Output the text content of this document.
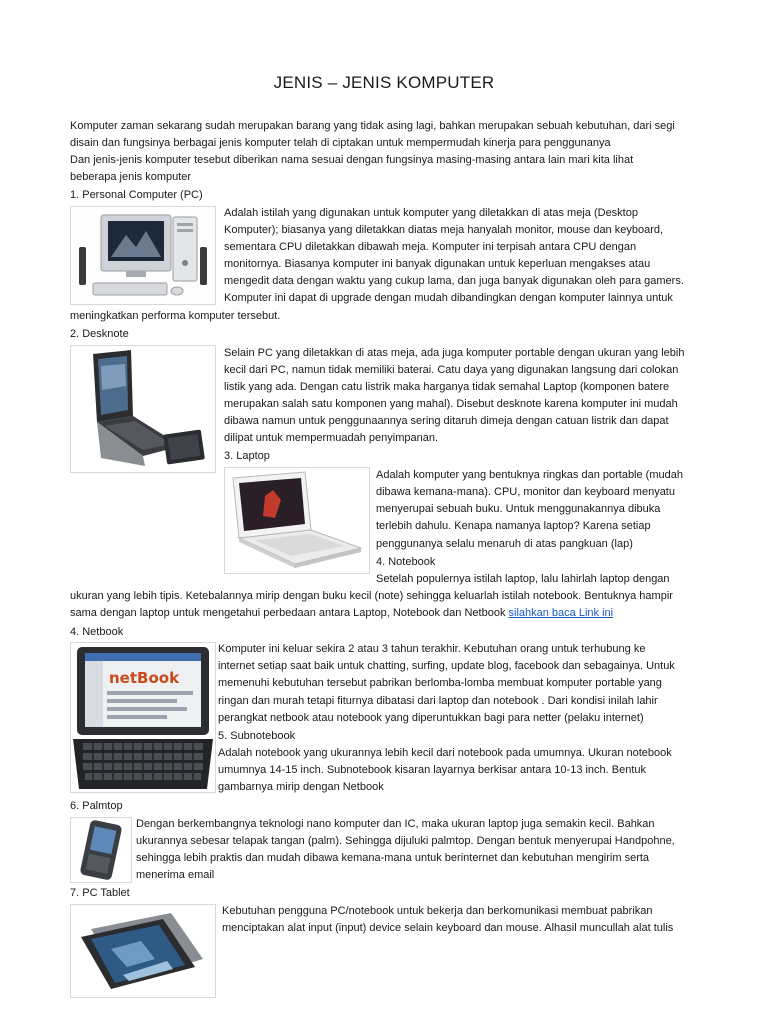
JENIS – JENIS KOMPUTER
Komputer zaman sekarang sudah merupakan barang yang tidak asing lagi, bahkan merupakan sebuah kebutuhan, dari segi
disain dan fungsinya berbagai jenis komputer telah di ciptakan untuk mempermudah kinerja para penggunanya
Dan jenis-jenis komputer tesebut diberikan nama sesuai dengan fungsinya masing-masing antara lain mari kita lihat
beberapa jenis komputer
1. Personal Computer (PC)
Adalah istilah yang digunakan untuk komputer yang diletakkan di atas meja (Desktop
Komputer); biasanya yang diletakkan diatas meja hanyalah monitor, mouse dan keyboard,
sementara CPU diletakkan dibawah meja. Komputer ini terpisah antara CPU dengan
monitornya. Biasanya komputer ini banyak digunakan untuk keperluan mengakses atau
mengedit data dengan waktu yang cukup lama, dan juga banyak digunakan oleh para gamers.
Komputer ini dapat di upgrade dengan mudah dibandingkan dengan komputer lainnya untuk
meningkatkan performa komputer tersebut.
2. Desknote
Selain PC yang diletakkan di atas meja, ada juga komputer portable dengan ukuran yang lebih
kecil dari PC, namun tidak memiliki baterai. Catu daya yang digunakan langsung dari colokan
listik yang ada. Dengan catu listrik maka harganya tidak semahal Laptop (komponen batere
merupakan salah satu komponen yang mahal). Disebut desknote karena komputer ini mudah
dibawa namun untuk penggunaannya sering ditaruh dimeja dengan catuan listrik dan dapat
dilipat untuk mempermuadah penyimpanan.
3. Laptop
Adalah komputer yang bentuknya ringkas dan portable (mudah
dibawa kemana-mana). CPU, monitor dan keyboard menyatu
menyerupai sebuah buku. Untuk menggunakannya dibuka
terlebih dahulu. Kenapa namanya laptop? Karena setiap
penggunanya selalu menaruh di atas pangkuan (lap)
4. Notebook
Setelah populernya istilah laptop, lalu lahirlah laptop dengan
ukuran yang lebih tipis. Ketebalannya mirip dengan buku kecil (note) sehingga keluarlah istilah notebook. Bentuknya hampir
sama dengan laptop untuk mengetahui perbedaan antara Laptop, Notebook dan Netbook silahkan baca Link ini
4. Netbook
netBook
Komputer ini keluar sekira 2 atau 3 tahun terakhir. Kebutuhan orang untuk terhubung ke
internet setiap saat baik untuk chatting, surfing, update blog, facebook dan sebagainya. Untuk
memenuhi kebutuhan tersebut pabrikan berlomba-lomba membuat komputer portable yang
ringan dan murah tetapi fiturnya dibatasi dari laptop dan notebook . Dari kondisi inilah lahir
perangkat netbook atau notebook yang diperuntukkan bagi para netter (pelaku internet)
5. Subnotebook
Adalah notebook yang ukurannya lebih kecil dari notebook pada umumnya. Ukuran notebook
umumnya 14-15 inch. Subnotebook kisaran layarnya berkisar antara 10-13 inch. Bentuk
gambarnya mirip dengan Netbook
6. Palmtop
Dengan berkembangnya teknologi nano komputer dan IC, maka ukuran laptop juga semakin kecil. Bahkan
ukurannya sebesar telapak tangan (palm). Sehingga dijuluki palmtop. Dengan bentuk menyerupai Handpohne,
sehingga lebih praktis dan mudah dibawa kemana-mana untuk berinternet dan kebutuhan mengirim serta
menerima email
7. PC Tablet
Kebutuhan pengguna PC/notebook untuk bekerja dan berkomunikasi membuat pabrikan
menciptakan alat input (input) device selain keyboard dan mouse. Alhasil muncullah alat tulis
